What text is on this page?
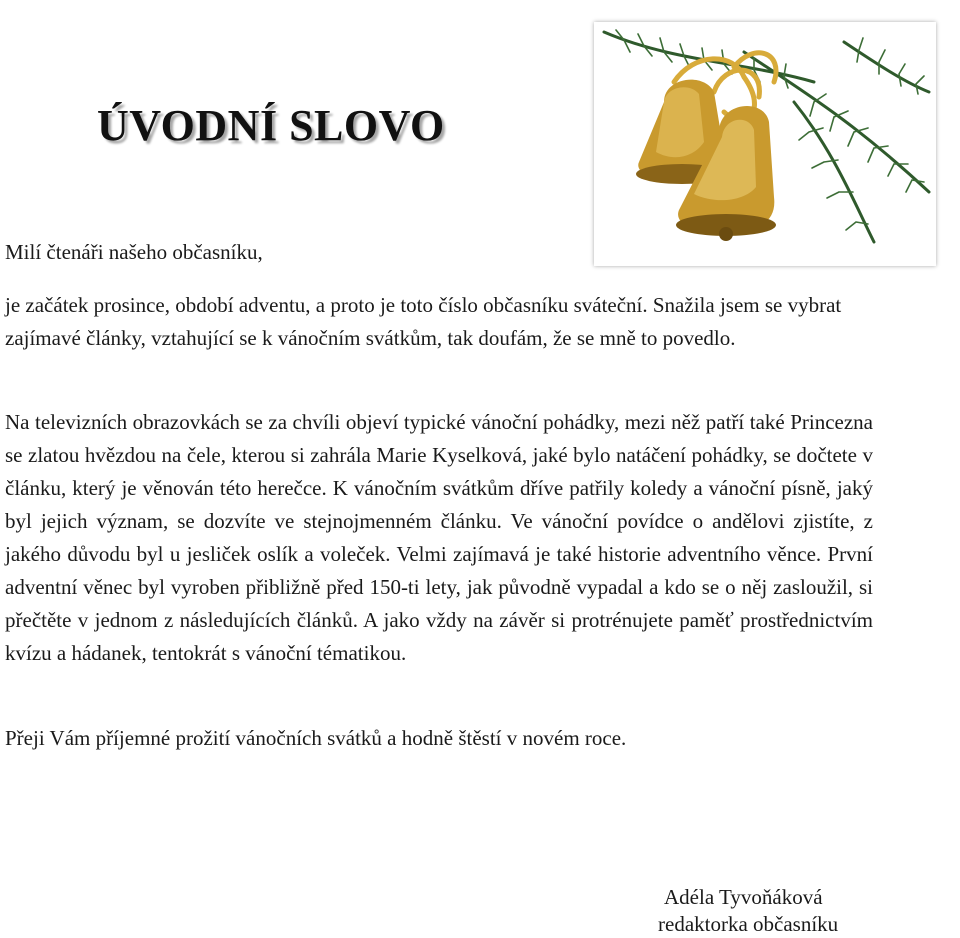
ÚVODNÍ SLOVO

Milí čtenáři našeho občasníku,

je začátek prosince, období adventu, a proto je toto číslo občasníku sváteční. Snažila jsem se vybrat zajímavé články, vztahující se k vánočním svátkům, tak doufám, že se mně to povedlo.

Na televizních obrazovkách se za chvíli objeví typické vánoční pohádky, mezi něž patří také Princezna se zlatou hvězdou na čele, kterou si zahrála Marie Kyselková, jaké bylo natáčení pohádky, se dočtete v článku, který je věnován této herečce. K vánočním svátkům dříve patřily koledy a vánoční písně, jaký byl jejich význam, se dozvíte ve stejnojmenném článku. Ve vánoční povídce o andělovi zjistíte, z jakého důvodu byl u jesliček oslík a voleček. Velmi zajímavá je také historie adventního věnce. První adventní věnec byl vyroben přibližně před 150-ti lety, jak původně vypadal a kdo se o něj zasloužil, si přečtěte v jednom z následujících článků. A jako vždy na závěr si protrénujete paměť prostřednictvím kvízu a hádanek, tentokrát s vánoční tématikou.

Přeji Vám příjemné prožití vánočních svátků a hodně štěstí v novém roce.

Adéla Tyvoňáková
redaktorka občasníku
